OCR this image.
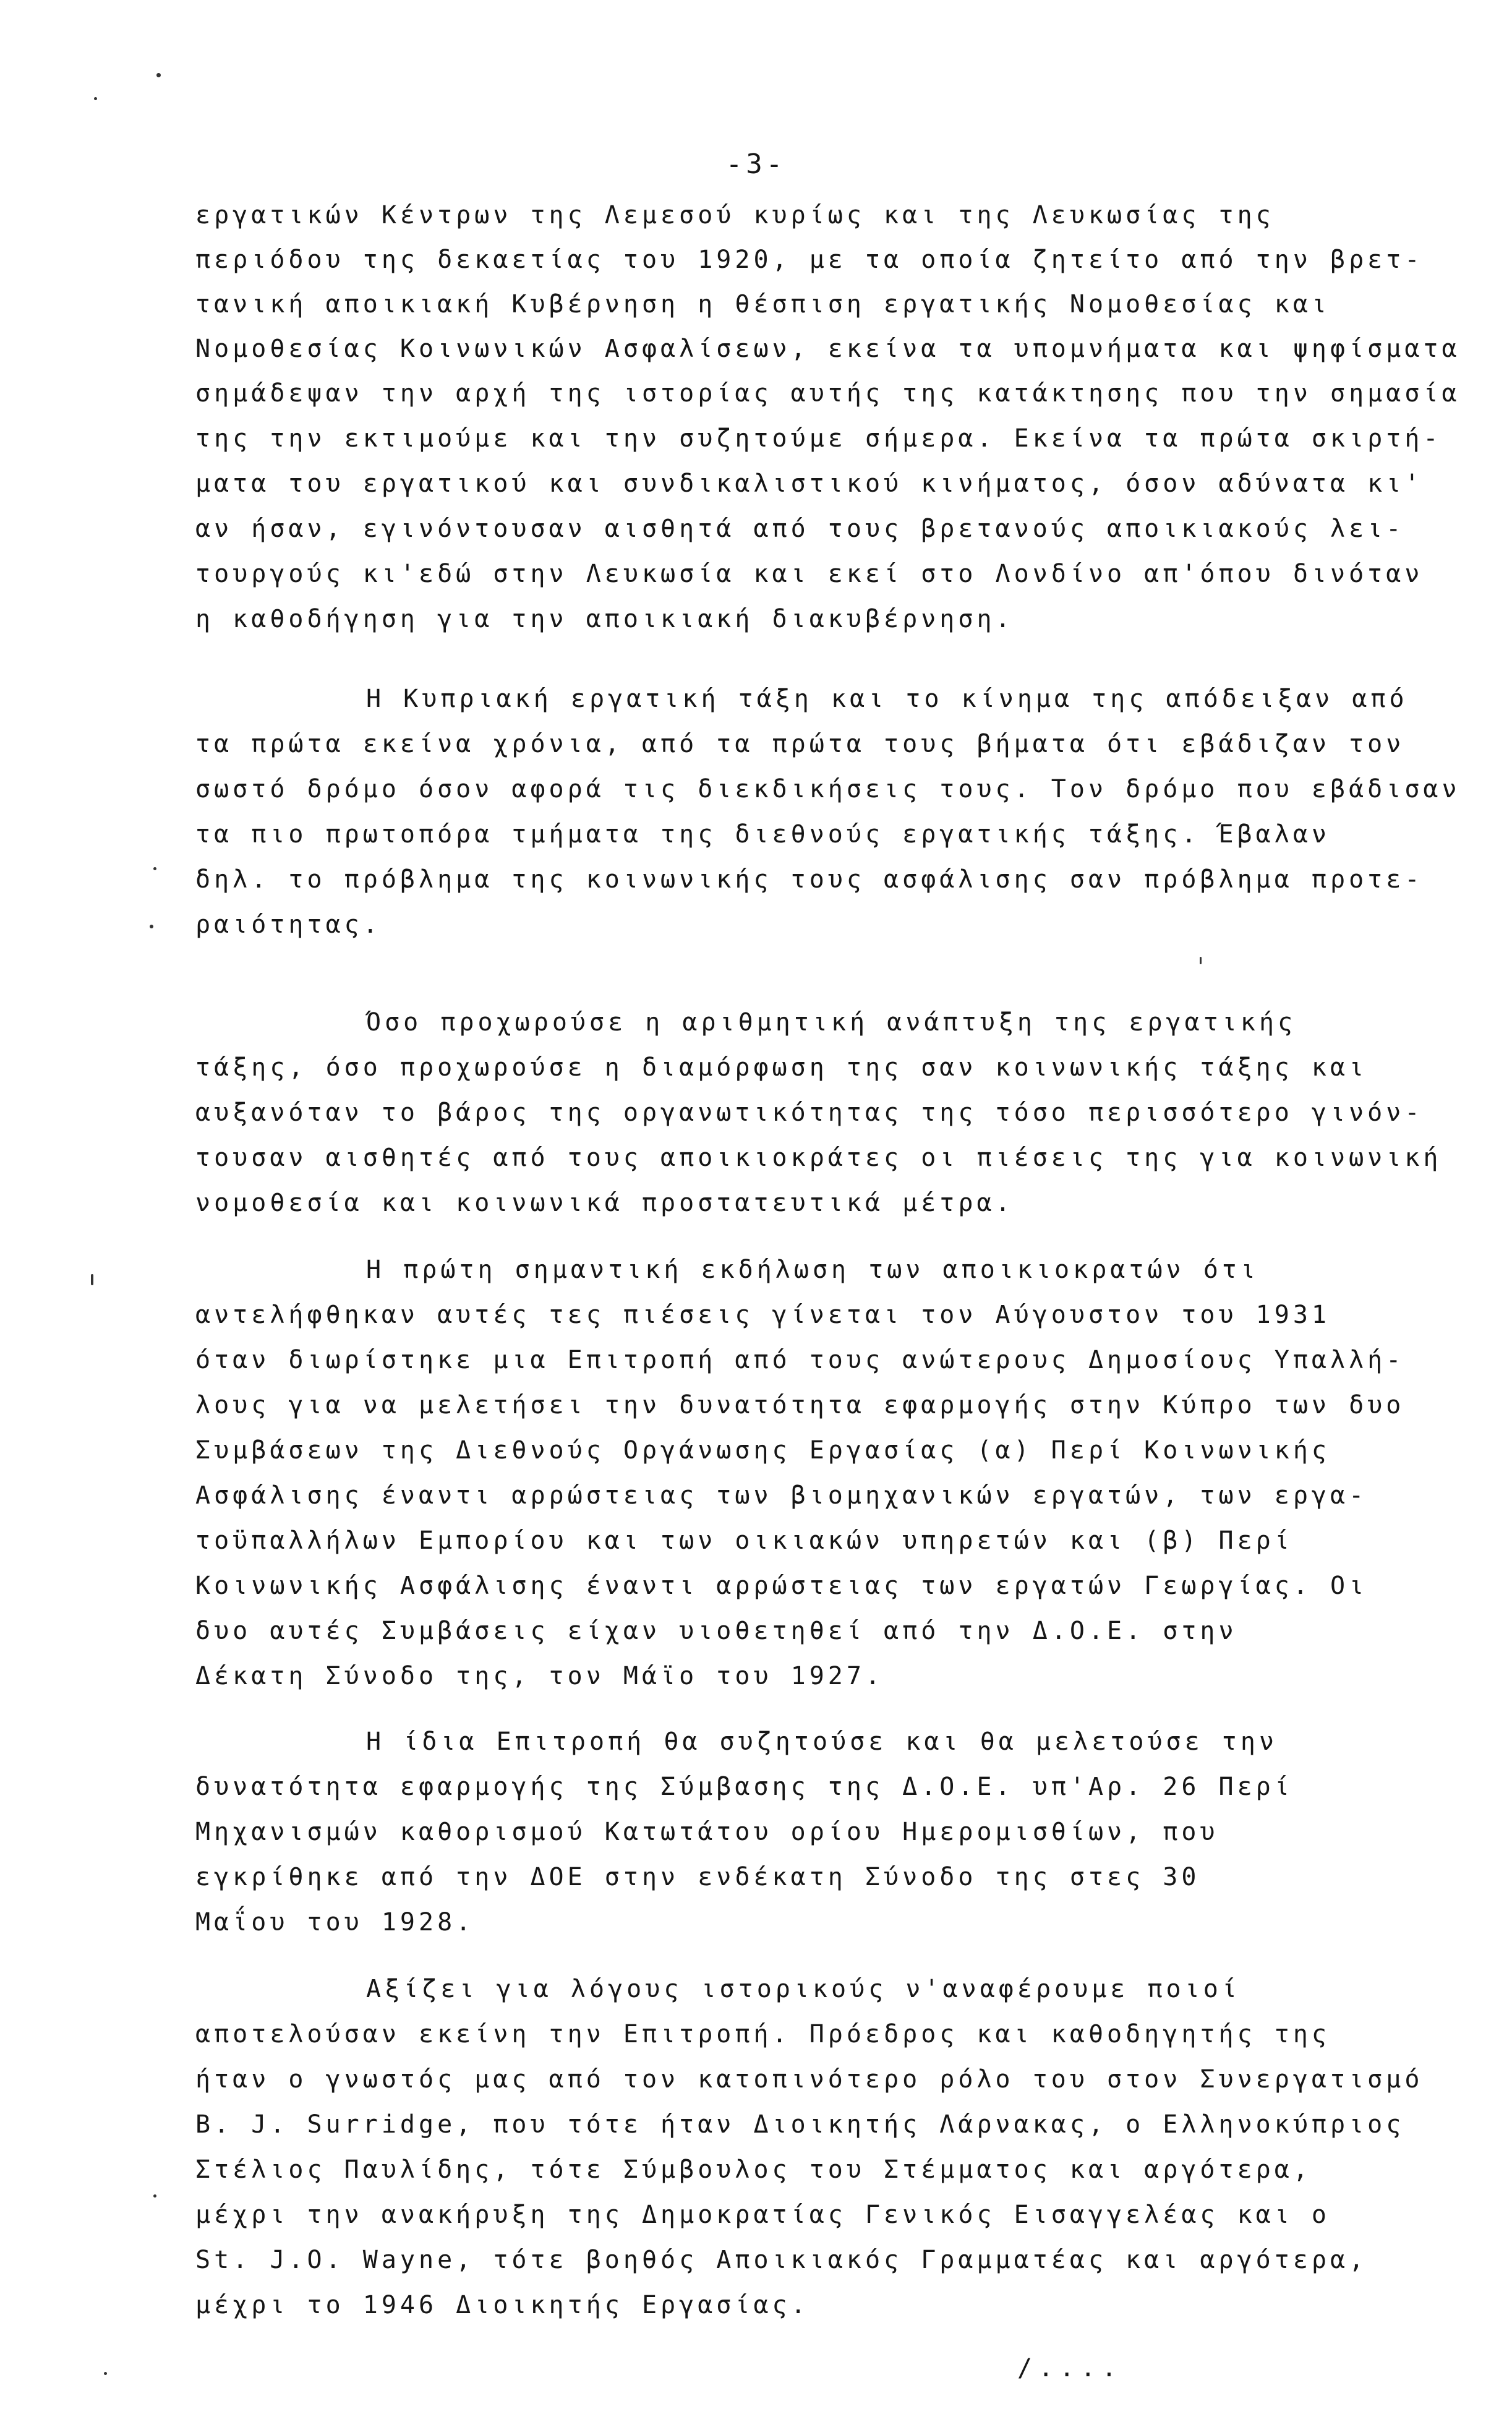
-3-
εργατικών Κέντρων της Λεμεσού κυρίως και της Λευκωσίας της
περιόδου της δεκαετίας του 1920, με τα οποία ζητείτο από την βρετ-
τανική αποικιακή Κυβέρνηση η θέσπιση εργατικής Νομοθεσίας και
Νομοθεσίας Κοινωνικών Ασφαλίσεων, εκείνα τα υπομνήματα και ψηφίσματα
σημάδεψαν την αρχή της ιστορίας αυτής της κατάκτησης που την σημασία
της την εκτιμούμε και την συζητούμε σήμερα. Εκείνα τα πρώτα σκιρτή-
ματα του εργατικού και συνδικαλιστικού κινήματος, όσον αδύνατα κι'
αν ήσαν, εγινόντουσαν αισθητά από τους βρετανούς αποικιακούς λει-
τουργούς κι'εδώ στην Λευκωσία και εκεί στο Λονδίνο απ'όπου δινόταν
η καθοδήγηση για την αποικιακή διακυβέρνηση.
Η Κυπριακή εργατική τάξη και το κίνημα της απόδειξαν από
τα πρώτα εκείνα χρόνια, από τα πρώτα τους βήματα ότι εβάδιζαν τον
σωστό δρόμο όσον αφορά τις διεκδικήσεις τους. Τον δρόμο που εβάδισαν
τα πιο πρωτοπόρα τμήματα της διεθνούς εργατικής τάξης. Έβαλαν
δηλ. το πρόβλημα της κοινωνικής τους ασφάλισης σαν πρόβλημα προτε-
ραιότητας.
Όσο προχωρούσε η αριθμητική ανάπτυξη της εργατικής
τάξης, όσο προχωρούσε η διαμόρφωση της σαν κοινωνικής τάξης και
αυξανόταν το βάρος της οργανωτικότητας της τόσο περισσότερο γινόν-
τουσαν αισθητές από τους αποικιοκράτες οι πιέσεις της για κοινωνική
νομοθεσία και κοινωνικά προστατευτικά μέτρα.
Η πρώτη σημαντική εκδήλωση των αποικιοκρατών ότι
αντελήφθηκαν αυτές τες πιέσεις γίνεται τον Αύγουστον του 1931
όταν διωρίστηκε μια Επιτροπή από τους ανώτερους Δημοσίους Υπαλλή-
λους για να μελετήσει την δυνατότητα εφαρμογής στην Κύπρο των δυο
Συμβάσεων της Διεθνούς Οργάνωσης Εργασίας (α) Περί Κοινωνικής
Ασφάλισης έναντι αρρώστειας των βιομηχανικών εργατών, των εργα-
τοϋπαλλήλων Εμπορίου και των οικιακών υπηρετών και (β) Περί
Κοινωνικής Ασφάλισης έναντι αρρώστειας των εργατών Γεωργίας. Οι
δυο αυτές Συμβάσεις είχαν υιοθετηθεί από την Δ.Ο.Ε. στην
Δέκατη Σύνοδο της, τον Μάϊο του 1927.
Η ίδια Επιτροπή θα συζητούσε και θα μελετούσε την
δυνατότητα εφαρμογής της Σύμβασης της Δ.Ο.Ε. υπ'Αρ. 26 Περί
Μηχανισμών καθορισμού Κατωτάτου ορίου Ημερομισθίων, που
εγκρίθηκε από την ΔΟΕ στην ενδέκατη Σύνοδο της στες 30
Μαΐου του 1928.
Αξίζει για λόγους ιστορικούς ν'αναφέρουμε ποιοί
αποτελούσαν εκείνη την Επιτροπή. Πρόεδρος και καθοδηγητής της
ήταν ο γνωστός μας από τον κατοπινότερο ρόλο του στον Συνεργατισμό
B. J. Surridge, που τότε ήταν Διοικητής Λάρνακας, ο Ελληνοκύπριος
Στέλιος Παυλίδης, τότε Σύμβουλος του Στέμματος και αργότερα,
μέχρι την ανακήρυξη της Δημοκρατίας Γενικός Εισαγγελέας και ο
St. J.O. Wayne, τότε βοηθός Αποικιακός Γραμματέας και αργότερα,
μέχρι το 1946 Διοικητής Εργασίας.
/....
